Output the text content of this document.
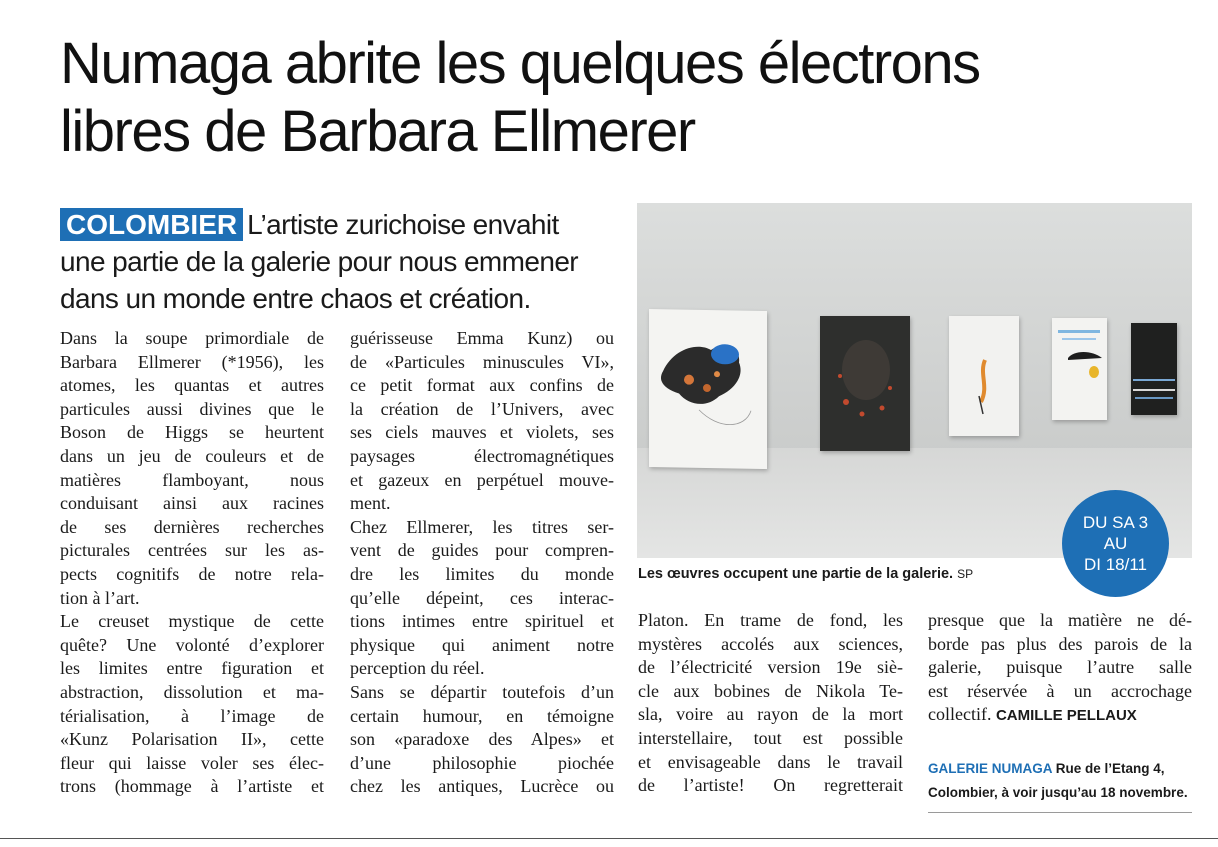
Numaga abrite les quelques électrons
libres de Barbara Ellmerer
COLOMBIER L’artiste zurichoise envahit
une partie de la galerie pour nous emmener
dans un monde entre chaos et création.
Dans la soupe primordiale de
Barbara Ellmerer (*1956), les
atomes, les quantas et autres
particules aussi divines que le
Boson de Higgs se heurtent
dans un jeu de couleurs et de
matières flamboyant, nous
conduisant ainsi aux racines
de ses dernières recherches
picturales centrées sur les as-
pects cognitifs de notre rela-
tion à l’art.
Le creuset mystique de cette
quête? Une volonté d’explorer
les limites entre figuration et
abstraction, dissolution et ma-
térialisation, à l’image de
«Kunz Polarisation II», cette
fleur qui laisse voler ses élec-
trons (hommage à l’artiste et
guérisseuse Emma Kunz) ou
de «Particules minuscules VI»,
ce petit format aux confins de
la création de l’Univers, avec
ses ciels mauves et violets, ses
paysages électromagnétiques
et gazeux en perpétuel mouve-
ment.
Chez Ellmerer, les titres ser-
vent de guides pour compren-
dre les limites du monde
qu’elle dépeint, ces interac-
tions intimes entre spirituel et
physique qui animent notre
perception du réel.
Sans se départir toutefois d’un
certain humour, en témoigne
son «paradoxe des Alpes» et
d’une philosophie piochée
chez les antiques, Lucrèce ou
DU SA 3
AU
DI 18/11
Les œuvres occupent une partie de la galerie. SP
Platon. En trame de fond, les
mystères accolés aux sciences,
de l’électricité version 19e siè-
cle aux bobines de Nikola Te-
sla, voire au rayon de la mort
interstellaire, tout est possible
et envisageable dans le travail
de l’artiste! On regretterait
presque que la matière ne dé-
borde pas plus des parois de la
galerie, puisque l’autre salle
est réservée à un accrochage
collectif. CAMILLE PELLAUX
GALERIE NUMAGA Rue de l’Etang 4,
Colombier, à voir jusqu’au 18 novembre.
